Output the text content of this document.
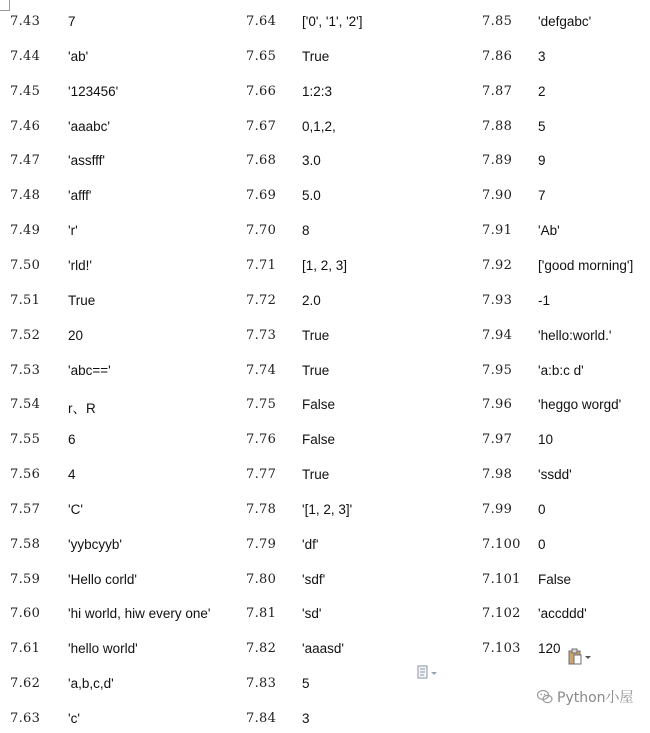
7.43 7
7.44 'ab'
7.45 '123456'
7.46 'aaabc'
7.47 'assfff'
7.48 'afff'
7.49 'r'
7.50 'rld!'
7.51 True
7.52 20
7.53 'abc=='
7.54 r、R
7.55 6
7.56 4
7.57 'C'
7.58 'yybcyyb'
7.59 'Hello corld'
7.60 'hi world, hiw every one'
7.61 'hello world'
7.62 'a,b,c,d'
7.63 'c'
7.64 ['0', '1', '2']
7.65 True
7.66 1:2:3
7.67 0,1,2,
7.68 3.0
7.69 5.0
7.70 8
7.71 [1, 2, 3]
7.72 2.0
7.73 True
7.74 True
7.75 False
7.76 False
7.77 True
7.78 '[1, 2, 3]'
7.79 'df'
7.80 'sdf'
7.81 'sd'
7.82 'aaasd'
7.83 5
7.84 3
7.85 'defgabc'
7.86 3
7.87 2
7.88 5
7.89 9
7.90 7
7.91 'Ab'
7.92 ['good morning']
7.93 -1
7.94 'hello:world.'
7.95 'a:b:c d'
7.96 'heggo worgd'
7.97 10
7.98 'ssdd'
7.99 0
7.100 0
7.101 False
7.102 'accddd'
7.103 120
Python小屋
